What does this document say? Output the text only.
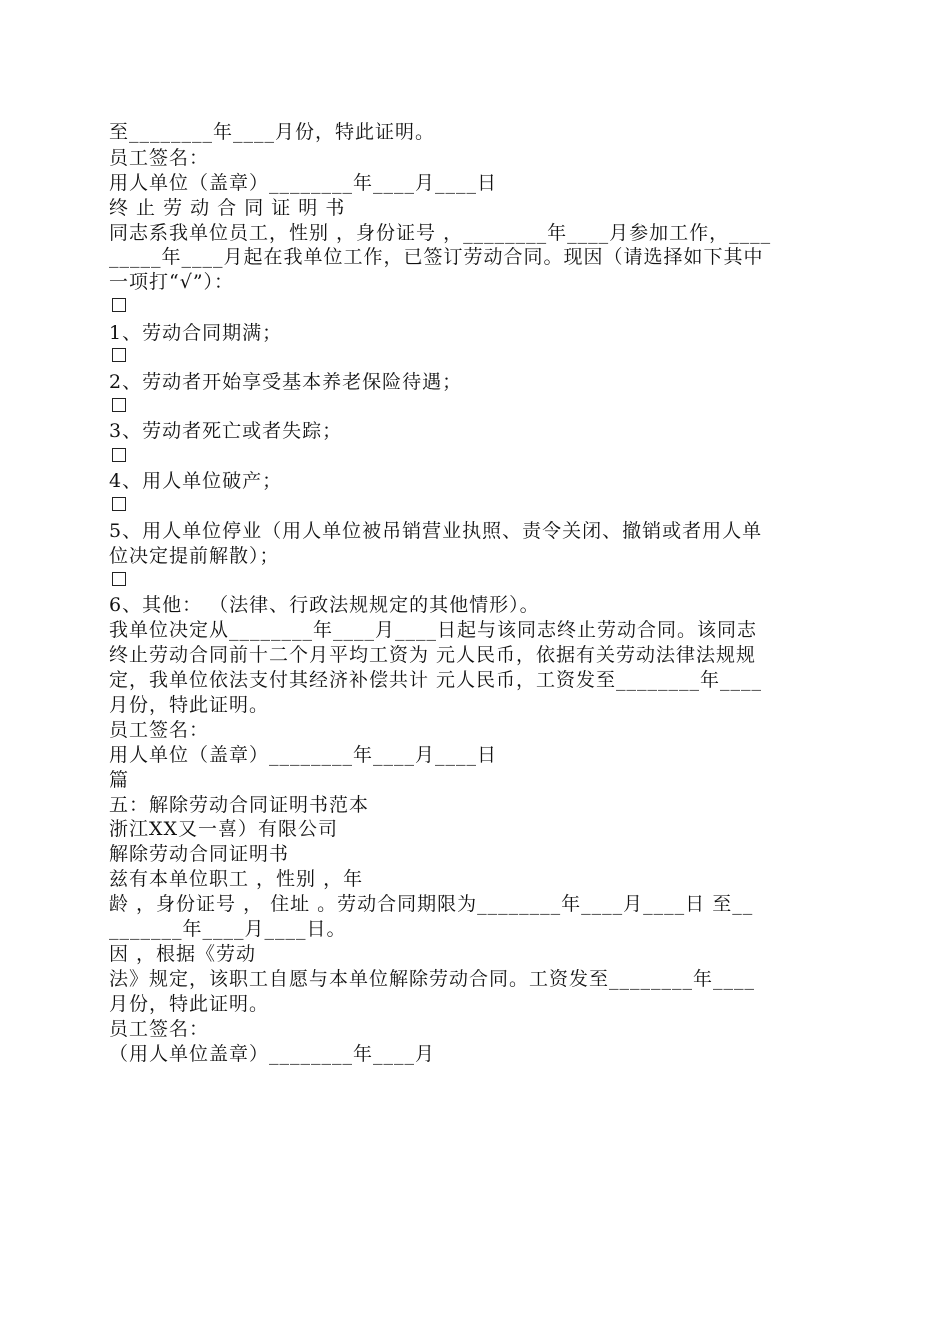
至________年____月份，特此证明。
员工签名：
用人单位（盖章）________年____月____日
终 止 劳 动 合 同 证 明 书
同志系我单位员工，性别 ，身份证号 ，________年____月参加工作，____
_____年____月起在我单位工作，已签订劳动合同。现因（请选择如下其中
一项打“√”）：
1、劳动合同期满；
2、劳动者开始享受基本养老保险待遇；
3、劳动者死亡或者失踪；
4、用人单位破产；
5、用人单位停业（用人单位被吊销营业执照、责令关闭、撤销或者用人单
位决定提前解散）；
6、其他： （法律、行政法规规定的其他情形）。
我单位决定从________年____月____日起与该同志终止劳动合同。该同志
终止劳动合同前十二个月平均工资为 元人民币，依据有关劳动法律法规规
定，我单位依法支付其经济补偿共计 元人民币，工资发至________年____
月份，特此证明。
员工签名：
用人单位（盖章）________年____月____日
篇
五：解除劳动合同证明书范本
浙江XX又一喜）有限公司
解除劳动合同证明书
兹有本单位职工 ，性别 ，年
龄 ，身份证号 ， 住址 。劳动合同期限为________年____月____日 至__
_______年____月____日。
因 ，根据《劳动
法》规定，该职工自愿与本单位解除劳动合同。工资发至________年____
月份，特此证明。
员工签名：
（用人单位盖章）________年____月
